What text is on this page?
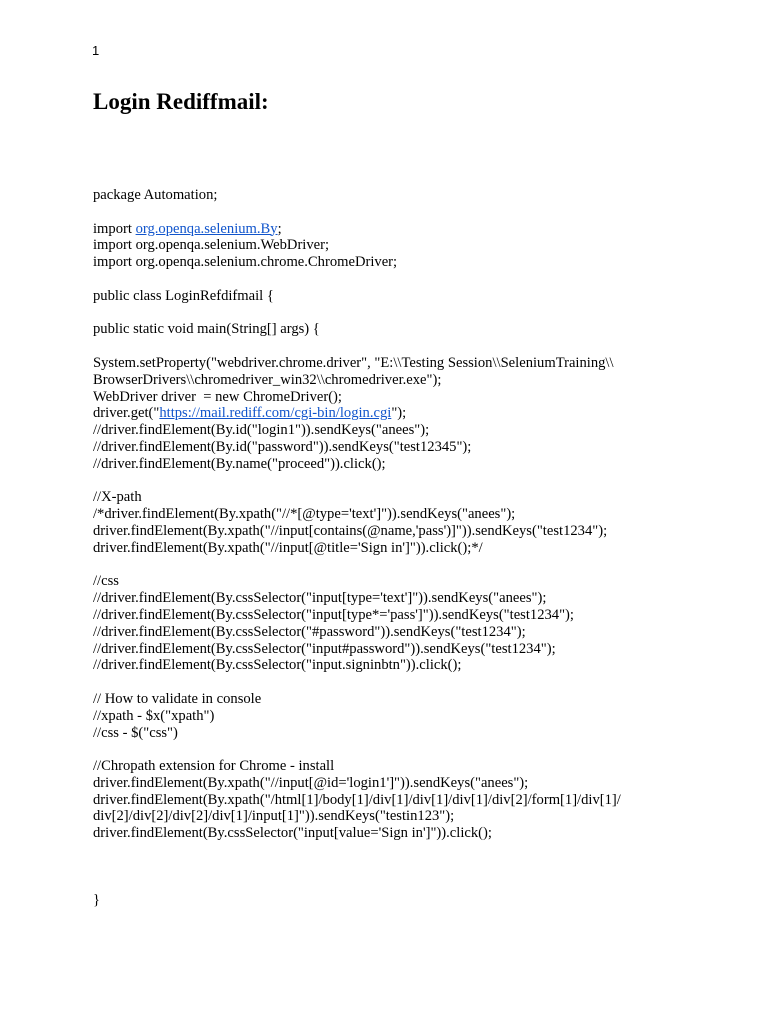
1
Login Rediffmail:
package Automation;
import org.openqa.selenium.By;
import org.openqa.selenium.WebDriver;
import org.openqa.selenium.chrome.ChromeDriver;
public class LoginRefdifmail {
public static void main(String[] args) {
System.setProperty("webdriver.chrome.driver", "E:\\Testing Session\\SeleniumTraining\\
BrowserDrivers\\chromedriver_win32\\chromedriver.exe");
WebDriver driver  = new ChromeDriver();
driver.get("https://mail.rediff.com/cgi-bin/login.cgi");
//driver.findElement(By.id("login1")).sendKeys("anees");
//driver.findElement(By.id("password")).sendKeys("test12345");
//driver.findElement(By.name("proceed")).click();
//X-path
/*driver.findElement(By.xpath("//*[@type='text']")).sendKeys("anees");
driver.findElement(By.xpath("//input[contains(@name,'pass')]")).sendKeys("test1234");
driver.findElement(By.xpath("//input[@title='Sign in']")).click();*/
//css
//driver.findElement(By.cssSelector("input[type='text']")).sendKeys("anees");
//driver.findElement(By.cssSelector("input[type*='pass']")).sendKeys("test1234");
//driver.findElement(By.cssSelector("#password")).sendKeys("test1234");
//driver.findElement(By.cssSelector("input#password")).sendKeys("test1234");
//driver.findElement(By.cssSelector("input.signinbtn")).click();
// How to validate in console
//xpath - $x("xpath")
//css - $("css")
//Chropath extension for Chrome - install
driver.findElement(By.xpath("//input[@id='login1']")).sendKeys("anees");
driver.findElement(By.xpath("/html[1]/body[1]/div[1]/div[1]/div[1]/div[2]/form[1]/div[1]/
div[2]/div[2]/div[2]/div[1]/input[1]")).sendKeys("testin123");
driver.findElement(By.cssSelector("input[value='Sign in']")).click();
}
